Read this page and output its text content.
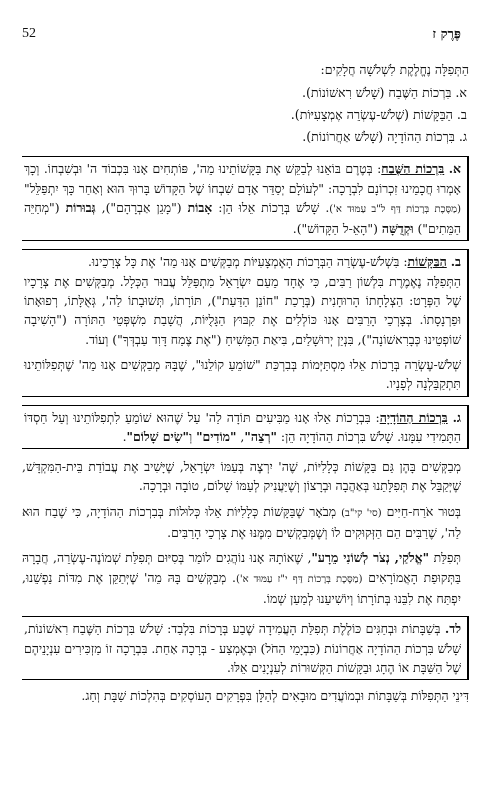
52	פֶּרֶק ז

הַתְּפִלָּה נֶחֱלֶקֶת לִשְׁלֹשָׁה חֲלָקִים:

א. בִּרְכוֹת הַשֶּׁבַח (שָׁלֹשׁ רִאשׁוֹנוֹת).

ב. הַבַּקָּשׁוֹת (שְׁלֹשׁ-עֶשְׂרֵה אֶמְצָעִיּוֹת).

ג. בִּרְכוֹת הַהוֹדָיָה (שָׁלֹשׁ אַחֲרוֹנוֹת).

א. בִּרְכוֹת הַשֶּׁבַח: בְּטֶרֶם בּוֹאֵנוּ לְבַקֵּשׁ אֶת בַּקָּשׁוֹתֵינוּ מֵה', פּוֹתְחִים אָנוּ בִּכְבוֹד ה' וּבְשִׁבְחוֹ. וְכָךְ אָמְרוּ חֲכָמֵינוּ זִכְרוֹנָם לִבְרָכָה: "לְעוֹלָם יְסַדֵּר אָדָם שִׁבְחוֹ שֶׁל הַקָּדוֹשׁ בָּרוּךְ הוּא וְאַחַר כָּךְ יִתְפַּלֵּל" (מַסֶּכֶת בְּרָכוֹת דַּף ל"ב עַמּוּד א'). שָׁלֹשׁ בְּרָכוֹת אֵלוּ הֵן: אָבוֹת ("מָגֵן אַבְרָהָם"), גְּבוּרוֹת ("מְחַיֵּה הַמֵּתִים") וּקְדֻשָּׁה ("הָאֵ-ל הַקָּדוֹשׁ").

ב. הַבַּקָּשׁוֹת: בִּשְׁלֹשׁ-עֶשְׂרֵה הַבְּרָכוֹת הָאֶמְצָעִיּוֹת מְבַקְּשִׁים אָנוּ מֵה' אֶת כָּל צְרָכֵינוּ.

הַתְּפִלָּה נֶאֶמֶרֶת בִּלְשׁוֹן רַבִּים, כִּי אֶחָד מֵעַם יִשְׂרָאֵל מִתְפַּלֵּל עֲבוּר הַכְּלָל. מְבַקְּשִׁים אֶת צְרָכָיו שֶׁל הַפְּרָט: הַצְלָחָתוֹ הָרוּחָנִית (בְּרָכַת "חוֹנֵן הַדַּעַת"), תּוֹרָתוֹ, תְּשׁוּבָתוֹ לַה', גְּאֻלָּתוֹ, רְפוּאָתוֹ וּפַרְנָסָתוֹ. בְּצָרְכֵי הָרַבִּים אָנוּ כּוֹלְלִים אֶת קִבּוּץ הַגָּלֻיּוֹת, הֲשָׁבַת מִשְׁפְּטֵי הַתּוֹרָה ("הָשִׁיבָה שׁוֹפְטֵינוּ כְּבָרִאשׁוֹנָה"), בִּנְיַן יְרוּשָׁלַיִם, בִּיאַת הַמָּשִׁיחַ ("אֶת צֶמַח דָּוִד עַבְדְּךָ") וְעוֹד.

שְׁלֹשׁ-עֶשְׂרֵה בְּרָכוֹת אֵלוּ מִסְתַּיְּמוֹת בְּבִרְכַּת "שׁוֹמֵעַ קוֹלֵנוּ", שֶׁבָּהּ מְבַקְּשִׁים אָנוּ מֵה' שֶׁתְּפִלּוֹתֵינוּ תִּתְקַבֵּלְנָה לְפָנָיו.

ג. בִּרְכוֹת הַהוֹדָיָה: בִּבְרָכוֹת אֵלוּ אָנוּ מַבִּיעִים תּוֹדָה לַה' עַל שֶׁהוּא שׁוֹמֵעַ לִתְפִלּוֹתֵינוּ וְעַל חַסְדּוֹ הַתָּמִידִי עִמָּנוּ. שָׁלֹשׁ בִּרְכוֹת הַהוֹדָיָה הֵן: "רְצֵה", "מוֹדִים" וְ"שִׂים שָׁלוֹם".

מְבַקְּשִׁים בָּהֶן גַּם בַּקָּשׁוֹת כְּלָלִיּוֹת, שֶׁה' יִרְצֶה בְּעַמּוֹ יִשְׂרָאֵל, שֶׁיָּשִׁיב אֶת עֲבוֹדַת בֵּית-הַמִּקְדָּשׁ, שֶׁיְּקַבֵּל אֶת תְּפִלָּתֵנוּ בְּאַהֲבָה וּבְרָצוֹן וְשֶׁיַּעֲנִיק לְעַמּוֹ שָׁלוֹם, טוֹבָה וּבְרָכָה.

בְּטוּר אֹרַח-חַיִּים (סי' קי"ב) מְבֹאָר שֶׁבַּקָּשׁוֹת כְּלָלִיּוֹת אֵלוּ כְּלוּלוֹת בְּבִרְכוֹת הַהוֹדָיָה, כִּי שֶׁבַח הוּא לַה', שֶׁרַבִּים הֵם הַזְּקוּקִים לוֹ וְשֶׁמְּבַקְשִׁים מִמֶּנּוּ אֶת צָרְכֵי הָרַבִּים.

תְּפִלַּת "אֱלֹקַי, נְצֹר לְשׁוֹנִי מֵרָע", שֶׁאוֹתָהּ אָנוּ נוֹהֲגִים לוֹמַר בְּסִיּוּם תְּפִלַּת שְׁמוֹנֶה-עֶשְׂרֵה, חֲבָרָהּ בַּתְּקוּפַת הָאֲמוֹרָאִים (מַסֶּכֶת בְּרָכוֹת דַּף י"ז עַמּוּד א'). מְבַקְּשִׁים בָּהּ מֵה' שֶׁיְּתַקֵּן אֶת מִדּוֹת נַפְשֵׁנוּ, יִפְתַּח אֶת לִבֵּנוּ בְּתוֹרָתוֹ וְיוֹשִׁיעֵנוּ לְמַעַן שְׁמוֹ.

לד. בְּשַׁבָּתוֹת וּבְחַגִּים כּוֹלֶלֶת תְּפִלַּת הָעֲמִידָה שֶׁבַע בְּרָכוֹת בִּלְבַד: שָׁלֹשׁ בִּרְכוֹת הַשֶּׁבַח רִאשׁוֹנוֹת, שָׁלֹשׁ בִּרְכוֹת הַהוֹדָיָה אַחֲרוֹנוֹת (כִּבְיָמֵי הַחֹל) וּבְאֶמְצַע - בְּרָכָה אַחַת. בִּבְרָכָה זוֹ מַזְכִּירִים עִנְיָנֵיהֶם שֶׁל הַשַּׁבָּת אוֹ הֶחָג וּבַקָּשׁוֹת הַקְּשׁוּרוֹת לְעִנְיָנִים אֵלּוּ.

דִּינֵי הַתְּפִלּוֹת בְּשַׁבָּתוֹת וּבְמוֹעֲדִים מוּבָאִים לְהַלָּן בִּפְרָקִים הָעוֹסְקִים בְּהִלְכוֹת שַׁבָּת וְחַג.
